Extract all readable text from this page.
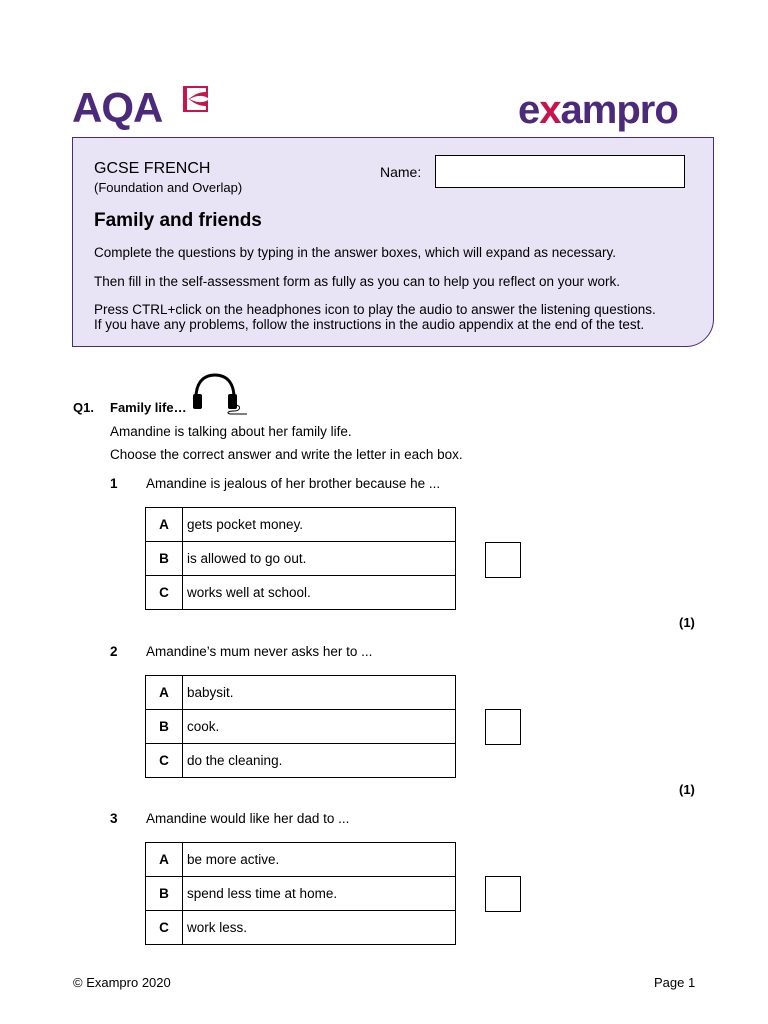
AQA	exampro
GCSE FRENCH
(Foundation and Overlap)
Name:
Family and friends
Complete the questions by typing in the answer boxes, which will expand as necessary.
Then fill in the self-assessment form as fully as you can to help you reflect on your work.
Press CTRL+click on the headphones icon to play the audio to answer the listening questions.
If you have any problems, follow the instructions in the audio appendix at the end of the test.
Q1. Family life…
Amandine is talking about her family life.
Choose the correct answer and write the letter in each box.
1 Amandine is jealous of her brother because he ...
A	gets pocket money.
B	is allowed to go out.
C	works well at school.
(1)
2 Amandine’s mum never asks her to ...
A	babysit.
B	cook.
C	do the cleaning.
(1)
3 Amandine would like her dad to ...
A	be more active.
B	spend less time at home.
C	work less.
© Exampro 2020	Page 1
